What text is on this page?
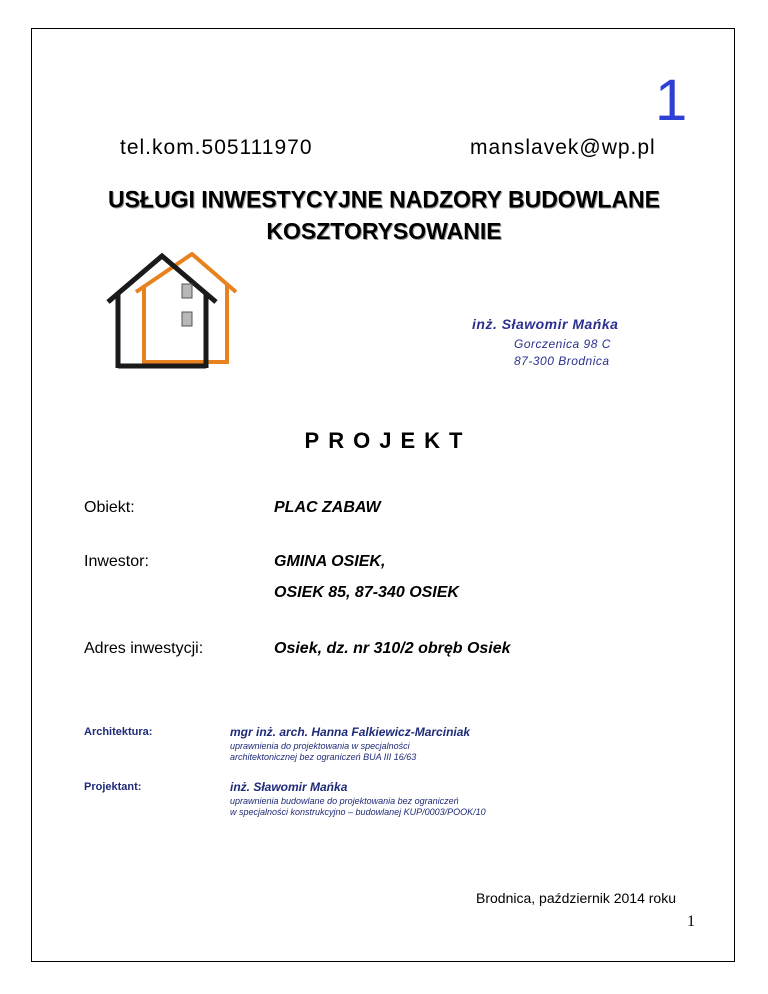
1
tel.kom.505111970	manslavek@wp.pl
USŁUGI INWESTYCYJNE NADZORY BUDOWLANE
KOSZTORYSOWANIE
inż. Sławomir Mańka
Gorczenica 98 C
87-300 Brodnica
PROJEKT
Obiekt:	PLAC ZABAW
Inwestor:	GMINA OSIEK,
OSIEK 85, 87-340 OSIEK
Adres inwestycji:	Osiek, dz. nr 310/2 obręb Osiek
Architektura:	mgr inż. arch. Hanna Falkiewicz-Marciniak
uprawnienia do projektowania w specjalności
architektonicznej bez ograniczeń BUA III 16/63
Projektant:	inż. Sławomir Mańka
uprawnienia budowlane do projektowania bez ograniczeń
w specjalności konstrukcyjno – budowlanej KUP/0003/POOK/10
Brodnica, październik 2014 roku
1
